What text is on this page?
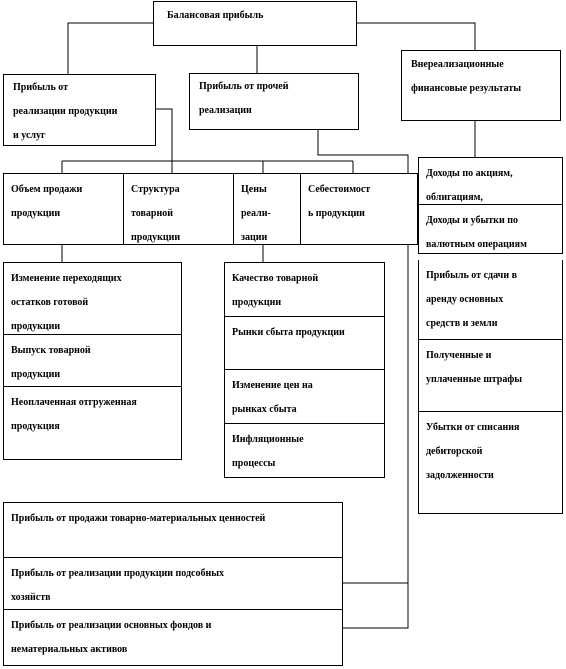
Балансовая прибыль
Прибыль от
реализации продукции
и услуг
Прибыль от прочей
реализации
Внереализационные
финансовые результаты
Объем продажи
продукции
Структура
товарной
продукции
Цены
реали-
зации
Себестоимост
ь продукции
Изменение переходящих
остатков готовой
продукции
Выпуск товарной
продукции
Неоплаченная отгруженная
продукция
Качество товарной
продукции
Рынки сбыта продукции
Изменение цен на
рынках сбыта
Инфляционные
процессы
Доходы по акциям,
облигациям,
Доходы и убытки по
валютным операциям

Прибыль от сдачи в
аренду основных
средств и земли
Полученные и
уплаченные штрафы
Убытки от списания
дебиторской
задолженности
Прибыль от продажи товарно-материальных ценностей
Прибыль от реализации продукции подсобных
хозяйств
Прибыль от реализации основных фондов и
нематериальных активов
